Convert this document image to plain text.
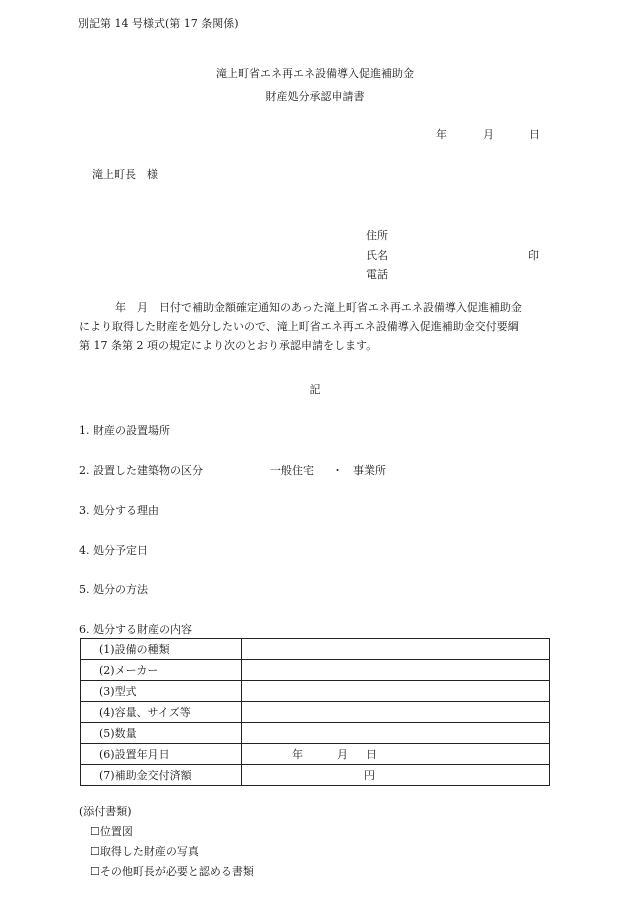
別記第 14 号様式(第 17 条関係)
滝上町省エネ再エネ設備導入促進補助金
財産処分承認申請書
年	月	日
滝上町長　様
住所
氏名	印
電話
年　月　日付で補助金額確定通知のあった滝上町省エネ再エネ設備導入促進補助金
により取得した財産を処分したいので、滝上町省エネ再エネ設備導入促進補助金交付要綱
第 17 条第 2 項の規定により次のとおり承認申請をします。
記
1. 財産の設置場所
2. 設置した建築物の区分	一般住宅 ・ 事業所
3. 処分する理由
4. 処分予定日
5. 処分の方法
6. 処分する財産の内容
(1)設備の種類	
(2)メーカー	
(3)型式	
(4)容量、サイズ等	
(5)数量	
(6)設置年月日	年 月 日

(7)補助金交付済額	円
(添付書類)
☐位置図
☐取得した財産の写真
☐その他町長が必要と認める書類
